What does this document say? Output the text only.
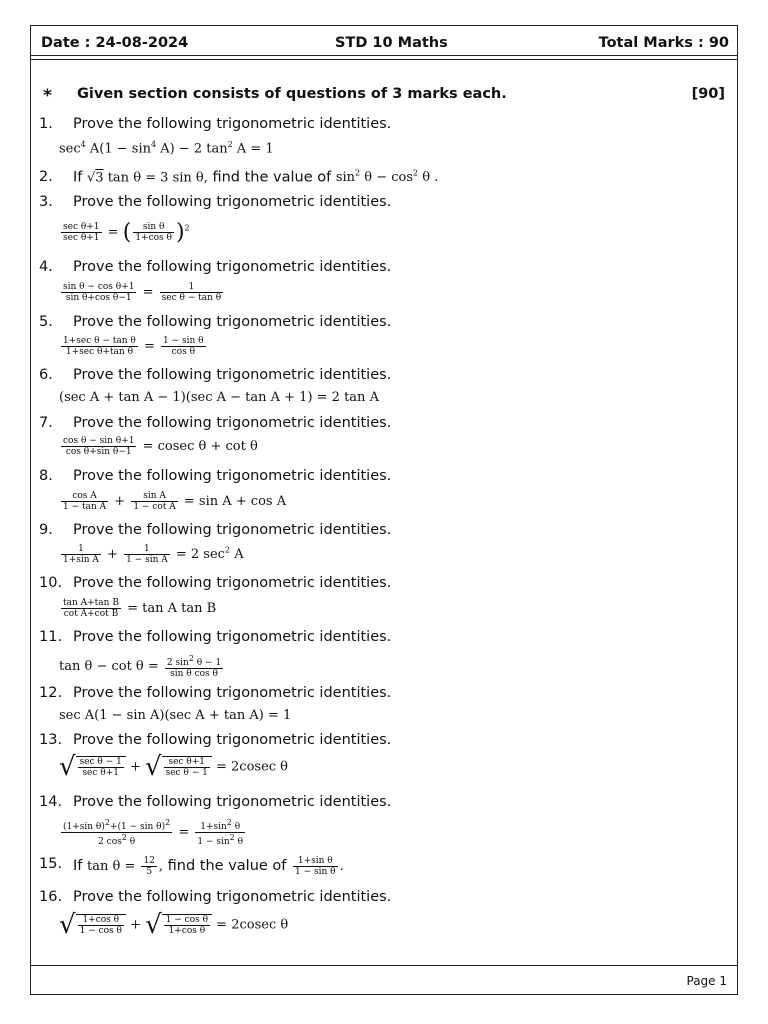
Date : 24-08-2024	STD 10 Maths	Total Marks : 90
* Given section consists of questions of 3 marks each.	[90]
1.	Prove the following trigonometric identities.
$\sec^4 A(1 - \sin^4 A) - 2$ $\tan^2 A = 1$
2.	If √3 tan θ = 3 sin θ, find the value of $\sin^2 \theta - \cos^2 \theta$ .
3.	Prove the following trigonometric identities.
sec θ+1
sec θ+1 = ( $\frac{\text{sin θ}}{\text{1+cos θ}} )^2$
4.	Prove the following trigonometric identities.
$\frac{\text{sin θ − cos θ+1}}{\text{sin θ+cos θ−1}}$ =	1
sec θ − tan θ
5.	Prove the following trigonometric identities.
1+sec θ − tan θ
1+sec θ+tan $\theta = \frac{\text{1 − sin θ}}{\text{cos θ}}$
6.	Prove the following trigonometric identities.
(sec A + tan A − 1)(sec A − tan A + 1) = 2 tan A
7.	Prove the following trigonometric identities.
$\frac{\text{cos θ − sin θ+1}}{\text{cos θ+sin θ−1}} = cosec$ θ + cot θ
8.	Prove the following trigonometric identities.
$\frac{\text{cos A}}{\text{1 − tan A}} + \frac{\text{sin A}}{\text{1 − cot A}} = \sin A + \cos A$
9.	Prove the following trigonometric identities.
$\frac{1}{\text{1+sin A}} + \frac{1}{\text{1 − sin A}} = 2$ $\sec^2 A$
10. Prove the following trigonometric identities.
$\frac{\text{tan A+tan B}}{\text{cot A+cot B}} = \tan A$ tan B
11. Prove the following trigonometric identities.
$\tan \theta - \cot \theta = \frac{2 \sin^2 \theta - 1}{\text{sin θ cos θ}}$
12. Prove the following trigonometric identities.
sec A(1 − sin A)(sec A + tan A) = 1
13. Prove the following trigonometric identities.
√ sec θ − 1
sec θ+1 + √ sec θ+1
sec θ − 1 = 2cosec θ
14. Prove the following trigonometric identities.
$\frac{(1+\sin \theta)^2+(1 - \sin \theta)^2}{2 \cos^2 \theta} = \frac{1+\sin^2 \theta}{1 - \sin^2 \theta}$
15. If $\tan \theta = \frac{12}{5}$ , find the value of $\frac{\text{1+sin θ}}{\text{1 − sin θ}}$ .
16. Prove the following trigonometric identities.
√ $\frac{\text{1+cos θ}}{\text{1 − cos θ}}$ + √ $\frac{\text{1 − cos θ}}{\text{1+cos θ}} = 2cosec$ θ
Page 1
